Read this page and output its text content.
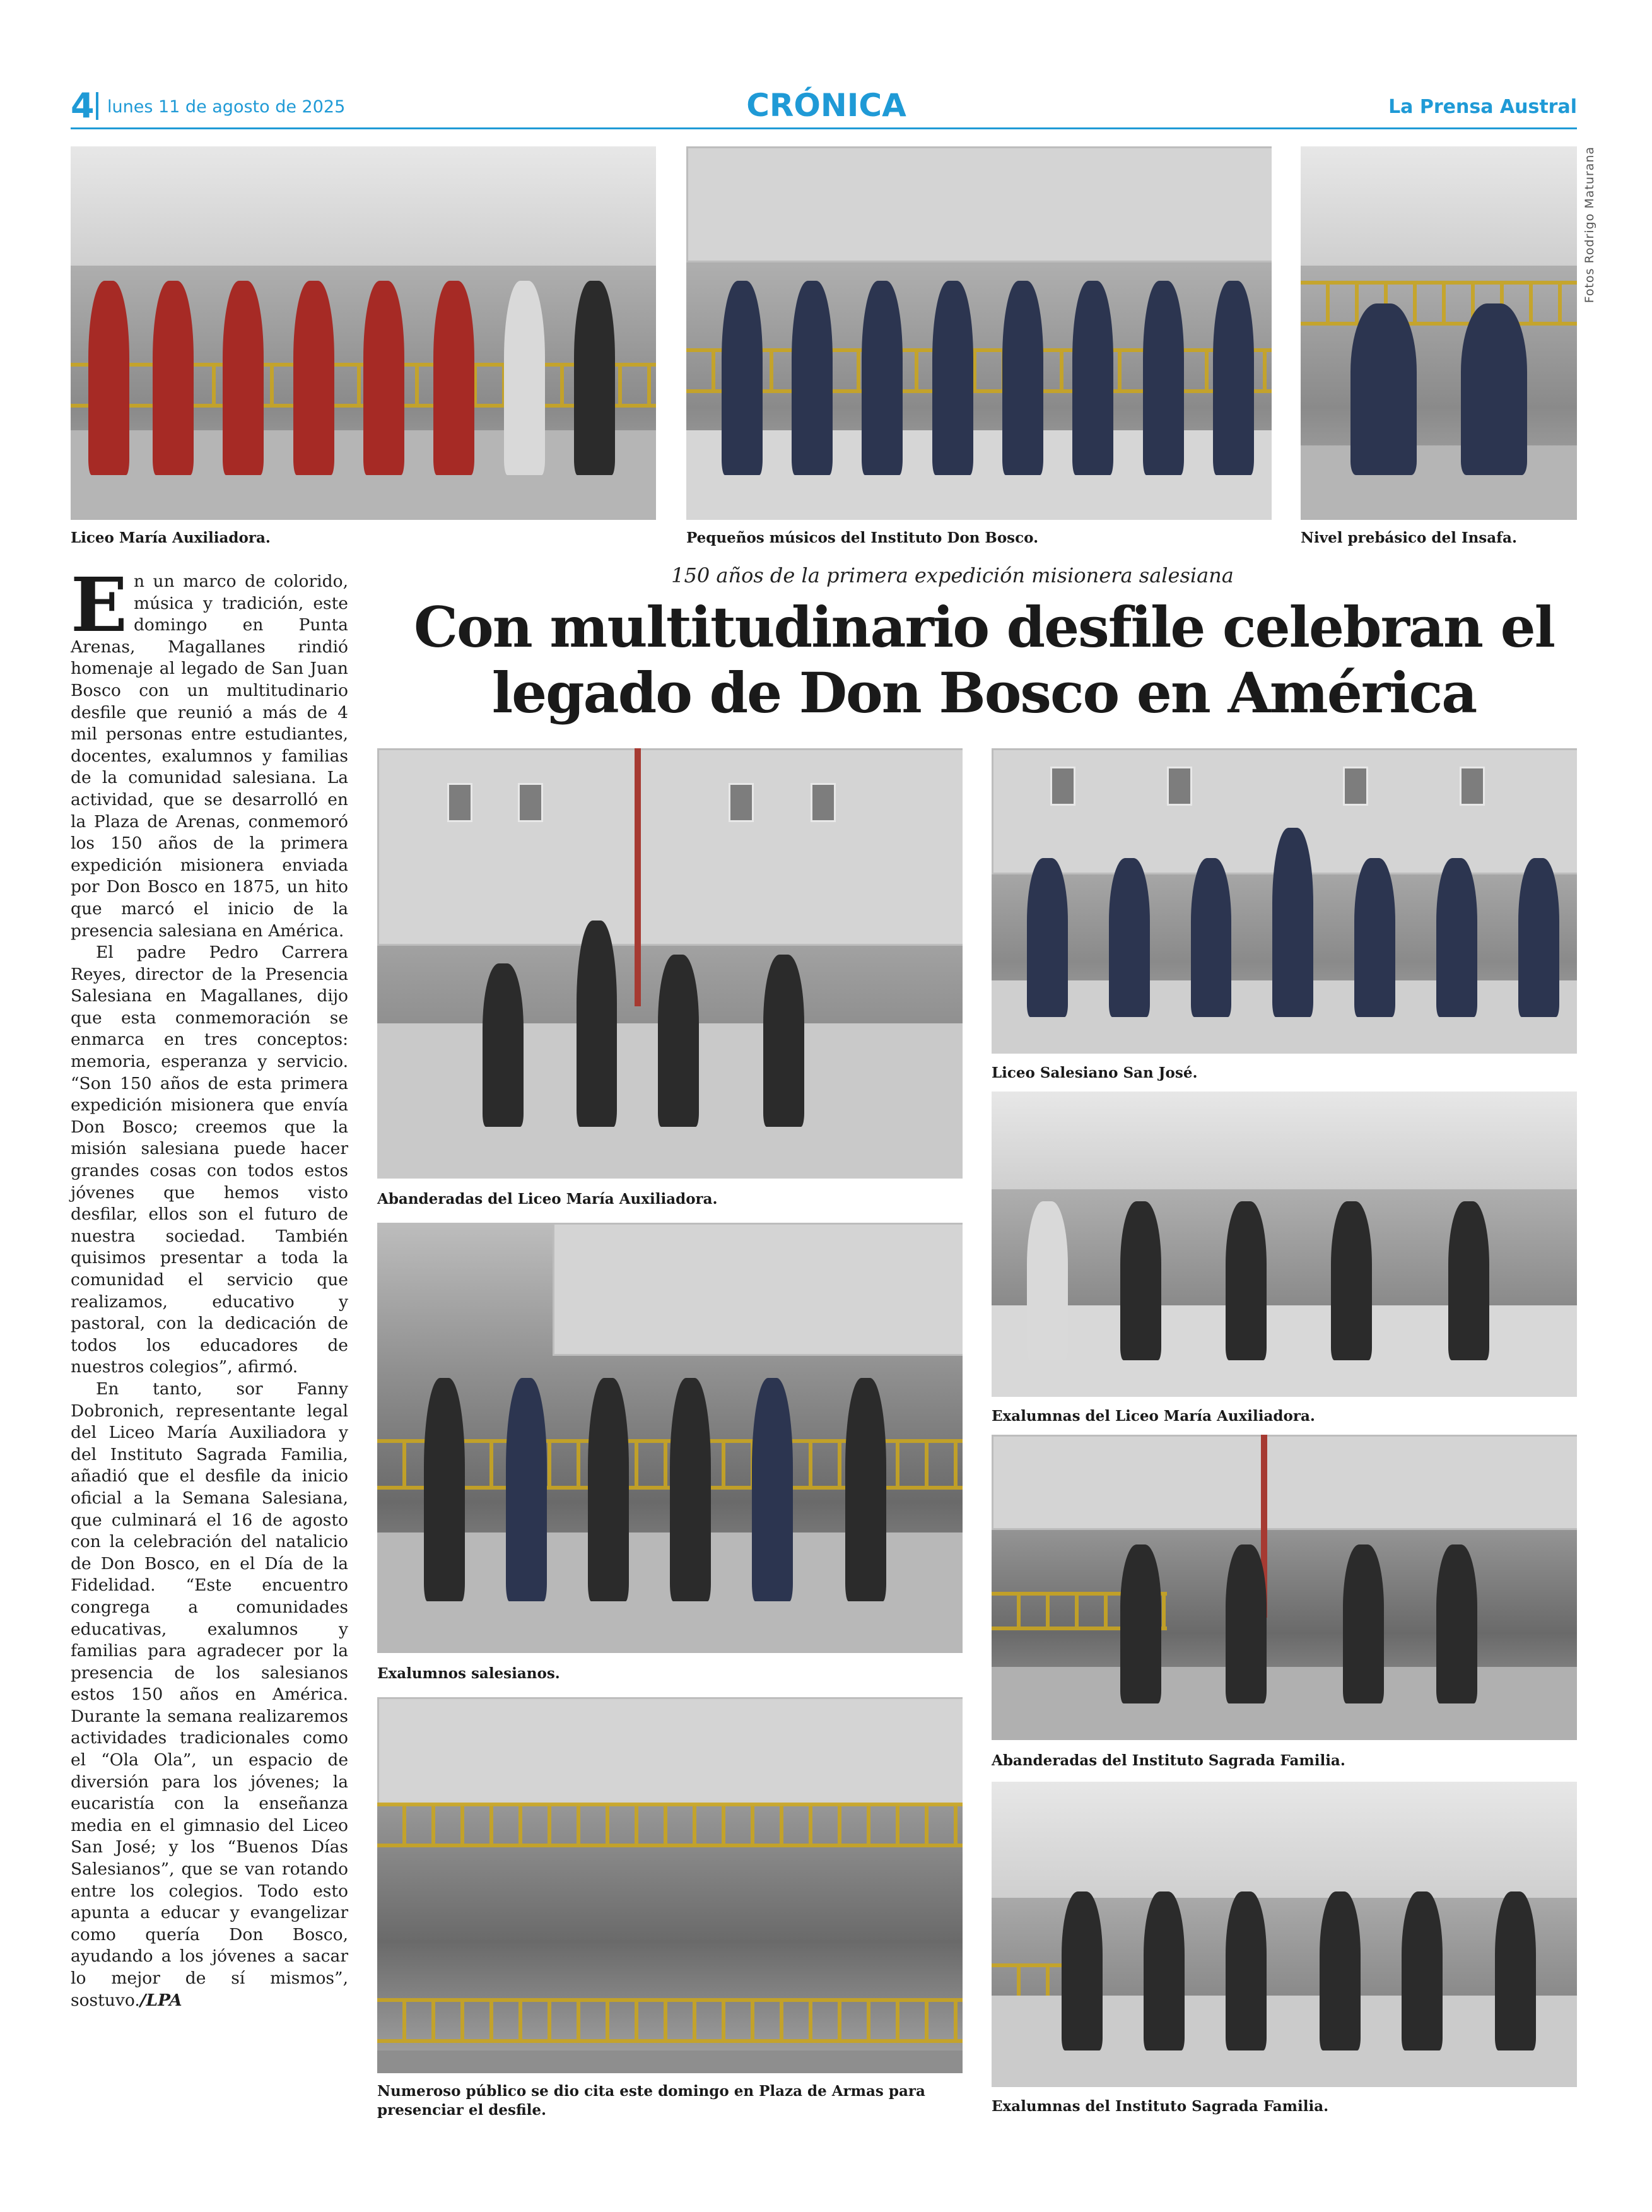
4 lunes 11 de agosto de 2025	CRÓNICA	La Prensa Austral
Fotos Rodrigo Maturana
Liceo María Auxiliadora.	Pequeños músicos del Instituto Don Bosco.	Nivel prebásico del Insafa.
150 años de la primera expedición misionera salesiana
Con multitudinario desfile celebran el legado de Don Bosco en América

En un marco de colorido, música y tradición, este domingo en Punta Arenas, Magallanes rindió homenaje al legado de San Juan Bosco con un multitudinario desfile que reunió a más de 4 mil personas entre estudiantes, docentes, exalumnos y familias de la comunidad salesiana. La actividad, que se desarrolló en la Plaza de Arenas, conmemoró los 150 años de la primera expedición misionera enviada por Don Bosco en 1875, un hito que marcó el inicio de la presencia salesiana en América.

El padre Pedro Carrera Reyes, director de la Presencia Salesiana en Magallanes, dijo que esta conmemoración se enmarca en tres conceptos: memoria, esperanza y servicio. “Son 150 años de esta primera expedición misionera que envía Don Bosco; creemos que la misión salesiana puede hacer grandes cosas con todos estos jóvenes que hemos visto desfilar, ellos son el futuro de nuestra sociedad. También quisimos presentar a toda la comunidad el servicio que realizamos, educativo y pastoral, con la dedicación de todos los educadores de nuestros colegios”, afirmó.

En tanto, sor Fanny Dobronich, representante legal del Liceo María Auxiliadora y del Instituto Sagrada Familia, añadió que el desfile da inicio oficial a la Semana Salesiana, que culminará el 16 de agosto con la celebración del natalicio de Don Bosco, en el Día de la Fidelidad. “Este encuentro congrega a comunidades educativas, exalumnos y familias para agradecer por la presencia de los salesianos estos 150 años en América. Durante la semana realizaremos actividades tradicionales como el “Ola Ola”, un espacio de diversión para los jóvenes; la eucaristía con la enseñanza media en el gimnasio del Liceo San José; y los “Buenos Días Salesianos”, que se van rotando entre los colegios. Todo esto apunta a educar y evangelizar como quería Don Bosco, ayudando a los jóvenes a sacar lo mejor de sí mismos”, sostuvo./LPA

Abanderadas del Liceo María Auxiliadora.
Exalumnos salesianos.
Numeroso público se dio cita este domingo en Plaza de Armas para presenciar el desfile.
Liceo Salesiano San José.
Exalumnas del Liceo María Auxiliadora.
Abanderadas del Instituto Sagrada Familia.
Exalumnas del Instituto Sagrada Familia.
